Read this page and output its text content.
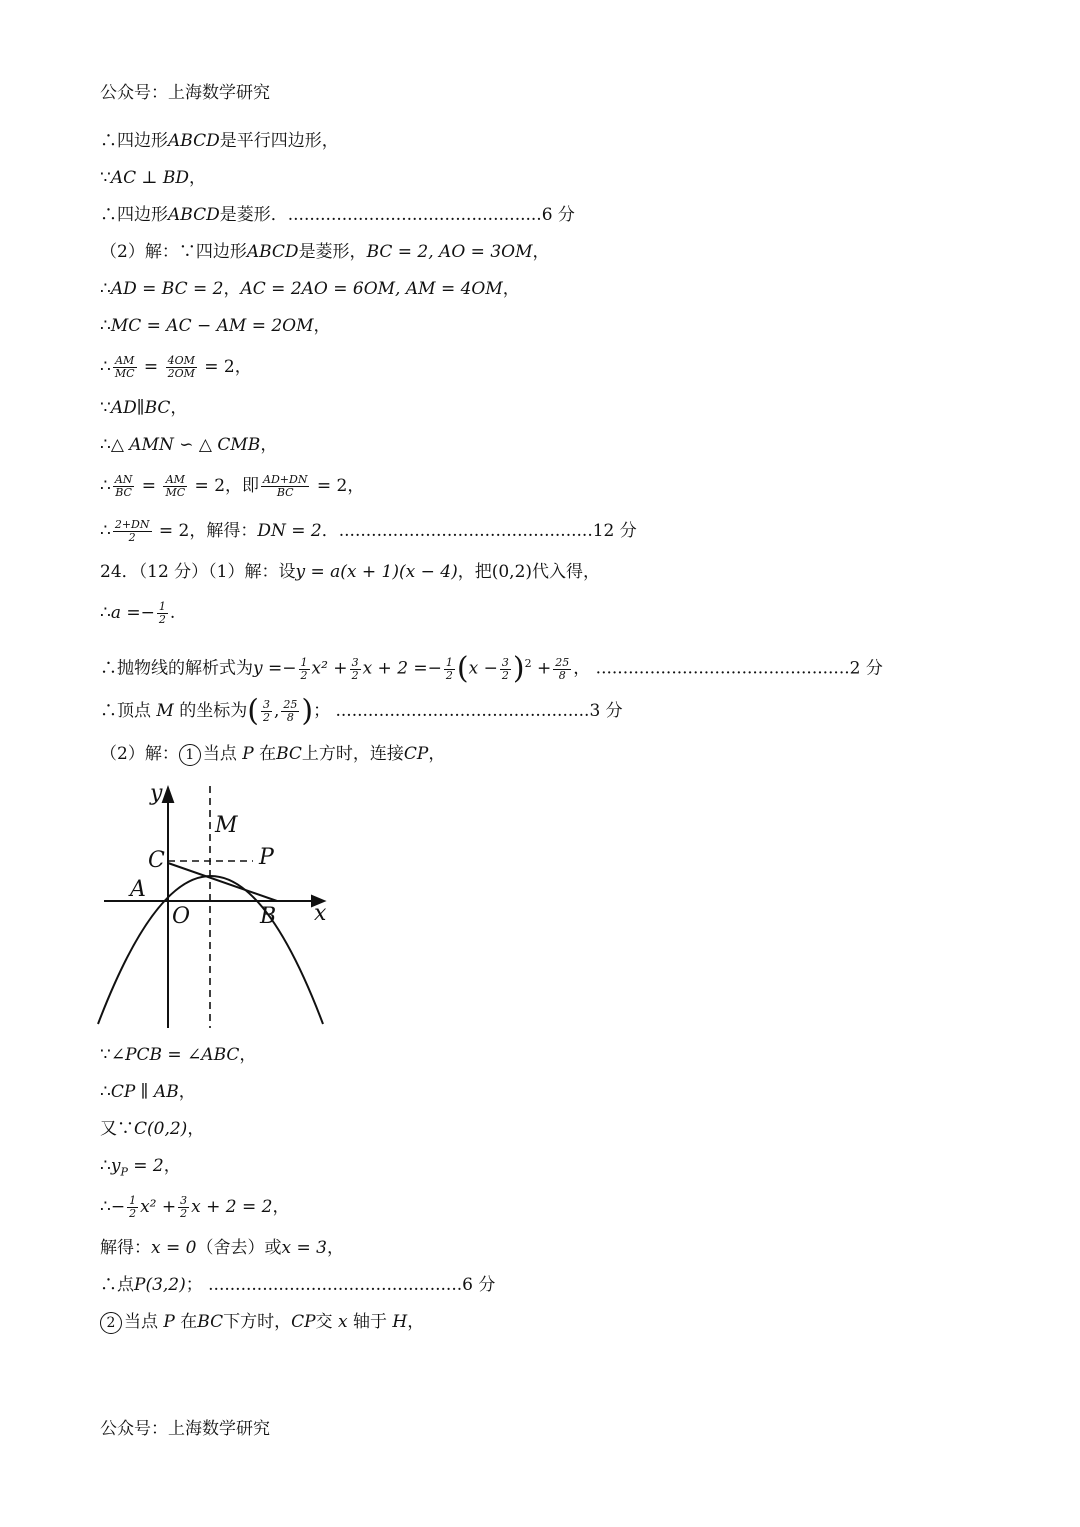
公众号：上海数学研究
∴四边形ABCD是平行四边形，
∵AC ⊥ BD，
∴四边形ABCD是菱形．...............................................6 分
（2）解：∵四边形ABCD是菱形，BC = 2, AO = 3OM，
∴AD = BC = 2，AC = 2AO = 6OM, AM = 4OM，
∴MC = AC − AM = 2OM，
∴ $\frac{AM}{MC} = \frac{4OM}{2OM} = 2$，
∵AD∥BC，
∴△ AMN ∽ △ CMB，
∴ $\frac{AN}{BC} = \frac{AM}{MC} = 2$，即 $\frac{AD+DN}{BC} = 2$，
∴ $\frac{2+DN}{2} = 2$，解得：DN = 2．...............................................12 分
24．（12 分）（1）解：设y = a(x + 1)(x − 4)，把(0,2)代入得，
∴a =− $\frac{1}{2}$ .
∴抛物线的解析式为$y =- \frac{1}{2} x^2 + \frac{3}{2}$ $x + 2 =- \frac{1}{2} (x - \frac{3}{2} )^2 + \frac{25}{8}$ ， ...............................................2 分
∴顶点 M 的坐标为( $\frac{3}{2}$ , $\frac{25}{8}$ )； ...............................................3 分
（2）解： 1 当点 P 在BC上方时，连接CP，
y
x
M
C	P
A
O	B
∵∠PCB = ∠ABC，
∴CP ∥ AB，
又∵C(0,2)，
$\therefore y_P = 2$，
∴− $\frac{1}{2} x^2 + \frac{3}{2}$ x + 2 = 2，
解得：x = 0（舍去）或x = 3，
∴点P(3,2)； ...............................................6 分
2 当点 P 在BC下方时，CP交 x 轴于 H，
公众号：上海数学研究
